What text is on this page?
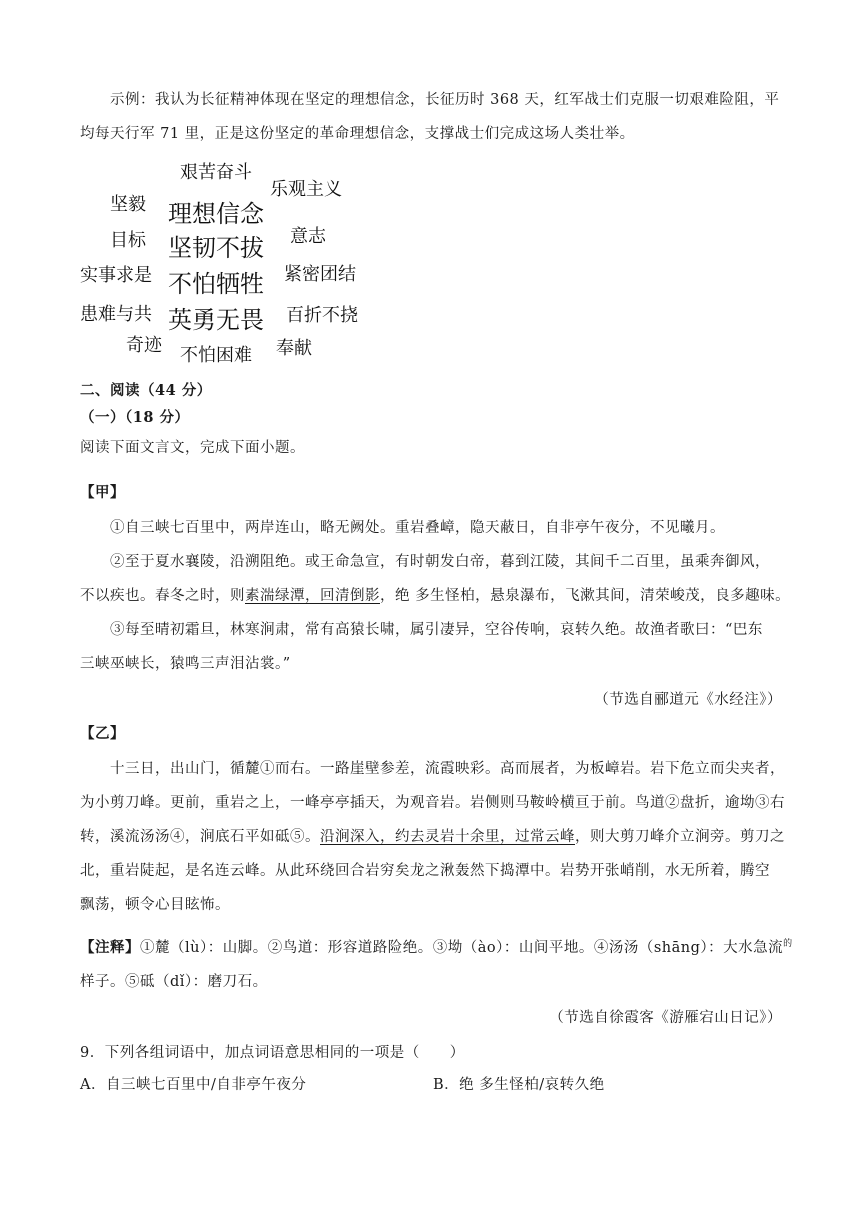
示例：我认为长征精神体现在坚定的理想信念，长征历时 368 天，红军战士们克服一切艰难险阻，平
均每天行军 71 里，正是这份坚定的革命理想信念，支撑战士们完成这场人类壮举。
艰苦奋斗
乐观主义
坚毅 理想信念
目标 坚韧不拔 意志
实事求是 不怕牺牲 紧密团结
患难与共 英勇无畏 百折不挠
奇迹 不怕困难 奉献
二、阅读（44 分）
（一）（18 分）
阅读下面文言文，完成下面小题。
【甲】
①自三峡七百里中，两岸连山，略无阙处。重岩叠嶂，隐天蔽日，自非亭午夜分，不见曦月。
②至于夏水襄陵，沿溯阻绝。或王命急宣，有时朝发白帝，暮到江陵，其间千二百里，虽乘奔御风，
不以疾也。春冬之时，则素湍绿潭，回清倒影，绝 多生怪柏，悬泉瀑布，飞漱其间，清荣峻茂，良多趣味。
③每至晴初霜旦，林寒涧肃，常有高猿长啸，属引凄异，空谷传响，哀转久绝。故渔者歌曰：“巴东
三峡巫峡长，猿鸣三声泪沾裳。”
（节选自郦道元《水经注》）
【乙】
十三日，出山门，循麓①而右。一路崖壁参差，流霞映彩。高而展者，为板嶂岩。岩下危立而尖夹者，
为小剪刀峰。更前，重岩之上，一峰亭亭插天，为观音岩。岩侧则马鞍岭横亘于前。鸟道②盘折，逾坳③右
转，溪流汤汤④，涧底石平如砥⑤。沿涧深入，约去灵岩十余里，过常云峰，则大剪刀峰介立涧旁。剪刀之
北，重岩陡起，是名连云峰。从此环绕回合岩穷矣龙之湫轰然下捣潭中。岩势开张峭削，水无所着，腾空
飘荡，顿令心目眩怖。
【注释】①麓（lù）：山脚。②鸟道：形容道路险绝。③坳（ào）：山间平地。④汤汤（shāng）：大水急流$^的$
样子。⑤砥（dǐ）：磨刀石。
（节选自徐霞客《游雁宕山日记》）
9．下列各组词语中，加点词语意思相同的一项是（　　）
A．自三峡七百里中/自非亭午夜分	B．绝 多生怪柏/哀转久绝
